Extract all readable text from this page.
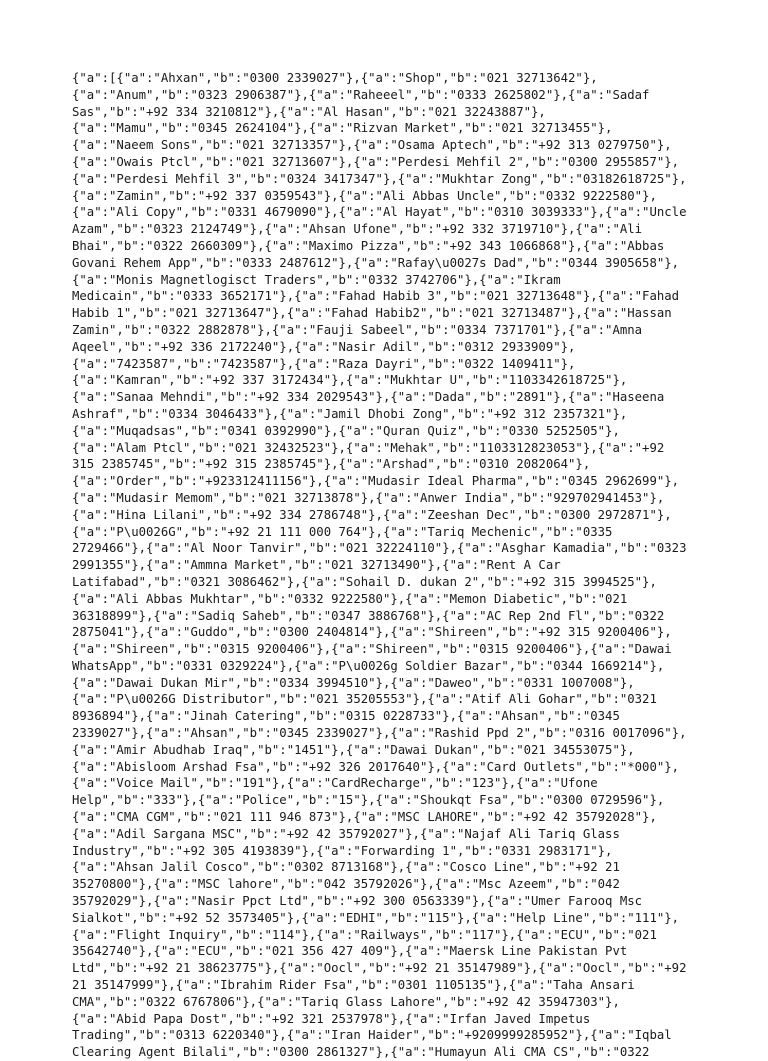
{"a":[{"a":"Ahxan","b":"0300 2339027"},{"a":"Shop","b":"021 32713642"},
{"a":"Anum","b":"0323 2906387"},{"a":"Raheeel","b":"0333 2625802"},{"a":"Sadaf
Sas","b":"+92 334 3210812"},{"a":"Al Hasan","b":"021 32243887"},
{"a":"Mamu","b":"0345 2624104"},{"a":"Rizvan Market","b":"021 32713455"},
{"a":"Naeem Sons","b":"021 32713357"},{"a":"Osama Aptech","b":"+92 313 0279750"},
{"a":"Owais Ptcl","b":"021 32713607"},{"a":"Perdesi Mehfil 2","b":"0300 2955857"},
{"a":"Perdesi Mehfil 3","b":"0324 3417347"},{"a":"Mukhtar Zong","b":"03182618725"},
{"a":"Zamin","b":"+92 337 0359543"},{"a":"Ali Abbas Uncle","b":"0332 9222580"},
{"a":"Ali Copy","b":"0331 4679090"},{"a":"Al Hayat","b":"0310 3039333"},{"a":"Uncle
Azam","b":"0323 2124749"},{"a":"Ahsan Ufone","b":"+92 332 3719710"},{"a":"Ali
Bhai","b":"0322 2660309"},{"a":"Maximo Pizza","b":"+92 343 1066868"},{"a":"Abbas
Govani Rehem App","b":"0333 2487612"},{"a":"Rafay\u0027s Dad","b":"0344 3905658"},
{"a":"Monis Magnetlogisct Traders","b":"0332 3742706"},{"a":"Ikram
Medicain","b":"0333 3652171"},{"a":"Fahad Habib 3","b":"021 32713648"},{"a":"Fahad
Habib 1","b":"021 32713647"},{"a":"Fahad Habib2","b":"021 32713487"},{"a":"Hassan
Zamin","b":"0322 2882878"},{"a":"Fauji Sabeel","b":"0334 7371701"},{"a":"Amna
Aqeel","b":"+92 336 2172240"},{"a":"Nasir Adil","b":"0312 2933909"},
{"a":"7423587","b":"7423587"},{"a":"Raza Dayri","b":"0322 1409411"},
{"a":"Kamran","b":"+92 337 3172434"},{"a":"Mukhtar U","b":"1103342618725"},
{"a":"Sanaa Mehndi","b":"+92 334 2029543"},{"a":"Dada","b":"2891"},{"a":"Haseena
Ashraf","b":"0334 3046433"},{"a":"Jamil Dhobi Zong","b":"+92 312 2357321"},
{"a":"Muqadsas","b":"0341 0392990"},{"a":"Quran Quiz","b":"0330 5252505"},
{"a":"Alam Ptcl","b":"021 32432523"},{"a":"Mehak","b":"1103312823053"},{"a":"+92
315 2385745","b":"+92 315 2385745"},{"a":"Arshad","b":"0310 2082064"},
{"a":"Order","b":"+923312411156"},{"a":"Mudasir Ideal Pharma","b":"0345 2962699"},
{"a":"Mudasir Memom","b":"021 32713878"},{"a":"Anwer India","b":"929702941453"},
{"a":"Hina Lilani","b":"+92 334 2786748"},{"a":"Zeeshan Dec","b":"0300 2972871"},
{"a":"P\u0026G","b":"+92 21 111 000 764"},{"a":"Tariq Mechenic","b":"0335
2729466"},{"a":"Al Noor Tanvir","b":"021 32224110"},{"a":"Asghar Kamadia","b":"0323
2991355"},{"a":"Ammna Market","b":"021 32713490"},{"a":"Rent A Car
Latifabad","b":"0321 3086462"},{"a":"Sohail D. dukan 2","b":"+92 315 3994525"},
{"a":"Ali Abbas Mukhtar","b":"0332 9222580"},{"a":"Memon Diabetic","b":"021
36318899"},{"a":"Sadiq Saheb","b":"0347 3886768"},{"a":"AC Rep 2nd Fl","b":"0322
2875041"},{"a":"Guddo","b":"0300 2404814"},{"a":"Shireen","b":"+92 315 9200406"},
{"a":"Shireen","b":"0315 9200406"},{"a":"Shireen","b":"0315 9200406"},{"a":"Dawai
WhatsApp","b":"0331 0329224"},{"a":"P\u0026g Soldier Bazar","b":"0344 1669214"},
{"a":"Dawai Dukan Mir","b":"0334 3994510"},{"a":"Daweo","b":"0331 1007008"},
{"a":"P\u0026G Distributor","b":"021 35205553"},{"a":"Atif Ali Gohar","b":"0321
8936894"},{"a":"Jinah Catering","b":"0315 0228733"},{"a":"Ahsan","b":"0345
2339027"},{"a":"Ahsan","b":"0345 2339027"},{"a":"Rashid Ppd 2","b":"0316 0017096"},
{"a":"Amir Abudhab Iraq","b":"1451"},{"a":"Dawai Dukan","b":"021 34553075"},
{"a":"Abisloom Arshad Fsa","b":"+92 326 2017640"},{"a":"Card Outlets","b":"*000"},
{"a":"Voice Mail","b":"191"},{"a":"CardRecharge","b":"123"},{"a":"Ufone
Help","b":"333"},{"a":"Police","b":"15"},{"a":"Shoukqt Fsa","b":"0300 0729596"},
{"a":"CMA CGM","b":"021 111 946 873"},{"a":"MSC LAHORE","b":"+92 42 35792028"},
{"a":"Adil Sargana MSC","b":"+92 42 35792027"},{"a":"Najaf Ali Tariq Glass
Industry","b":"+92 305 4193839"},{"a":"Forwarding 1","b":"0331 2983171"},
{"a":"Ahsan Jalil Cosco","b":"0302 8713168"},{"a":"Cosco Line","b":"+92 21
35270800"},{"a":"MSC lahore","b":"042 35792026"},{"a":"Msc Azeem","b":"042
35792029"},{"a":"Nasir Ppct Ltd","b":"+92 300 0563339"},{"a":"Umer Farooq Msc
Sialkot","b":"+92 52 3573405"},{"a":"EDHI","b":"115"},{"a":"Help Line","b":"111"},
{"a":"Flight Inquiry","b":"114"},{"a":"Railways","b":"117"},{"a":"ECU","b":"021
35642740"},{"a":"ECU","b":"021 356 427 409"},{"a":"Maersk Line Pakistan Pvt
Ltd","b":"+92 21 38623775"},{"a":"Oocl","b":"+92 21 35147989"},{"a":"Oocl","b":"+92
21 35147999"},{"a":"Ibrahim Rider Fsa","b":"0301 1105135"},{"a":"Taha Ansari
CMA","b":"0322 6767806"},{"a":"Tariq Glass Lahore","b":"+92 42 35947303"},
{"a":"Abid Papa Dost","b":"+92 321 2537978"},{"a":"Irfan Javed Impetus
Trading","b":"0313 6220340"},{"a":"Iran Haider","b":"+9209999285952"},{"a":"Iqbal
Clearing Agent Bilali","b":"0300 2861327"},{"a":"Humayun Ali CMA CS","b":"0322
